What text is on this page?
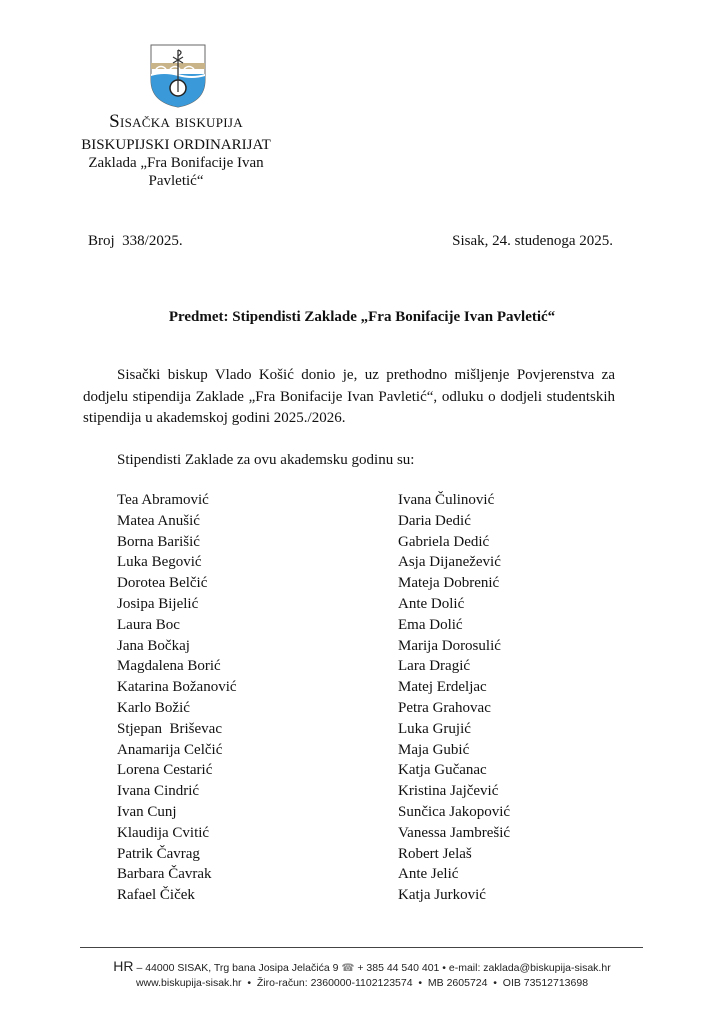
Sisačka biskupija
BISKUPIJSKI ORDINARIJAT
Zaklada „Fra Bonifacije Ivan
Pavletić“
Broj  338/2025.	Sisak, 24. studenoga 2025.
Predmet: Stipendisti Zaklade „Fra Bonifacije Ivan Pavletić“

Sisački biskup Vlado Košić donio je, uz prethodno mišljenje Povjerenstva za dodjelu stipendija Zaklade „Fra Bonifacije Ivan Pavletić“, odluku o dodjeli studentskih stipendija u akademskoj godini 2025./2026.

Stipendisti Zaklade za ovu akademsku godinu su:
Tea Abramović
Matea Anušić
Borna Barišić
Luka Begović
Dorotea Belčić
Josipa Bijelić
Laura Boc
Jana Bočkaj
Magdalena Borić
Katarina Božanović
Karlo Božić
Stjepan  Briševac
Anamarija Celčić
Lorena Cestarić
Ivana Cindrić
Ivan Cunj
Klaudija Cvitić
Patrik Čavrag
Barbara Čavrak
Rafael Čiček
Ivana Čulinović
Daria Dedić
Gabriela Dedić
Asja Dijanežević
Mateja Dobrenić
Ante Dolić
Ema Dolić
Marija Dorosulić
Lara Dragić
Matej Erdeljac
Petra Grahovac
Luka Grujić
Maja Gubić
Katja Gučanac
Kristina Jajčević
Sunčica Jakopović
Vanessa Jambrešić
Robert Jelaš
Ante Jelić
Katja Jurković
HR – 44000 SISAK, Trg bana Josipa Jelačića 9 ☎ + 385 44 540 401 • e-mail: zaklada@biskupija-sisak.hr
www.biskupija-sisak.hr  •  Žiro-račun: 2360000-1102123574  •  MB 2605724  •  OIB 73512713698
